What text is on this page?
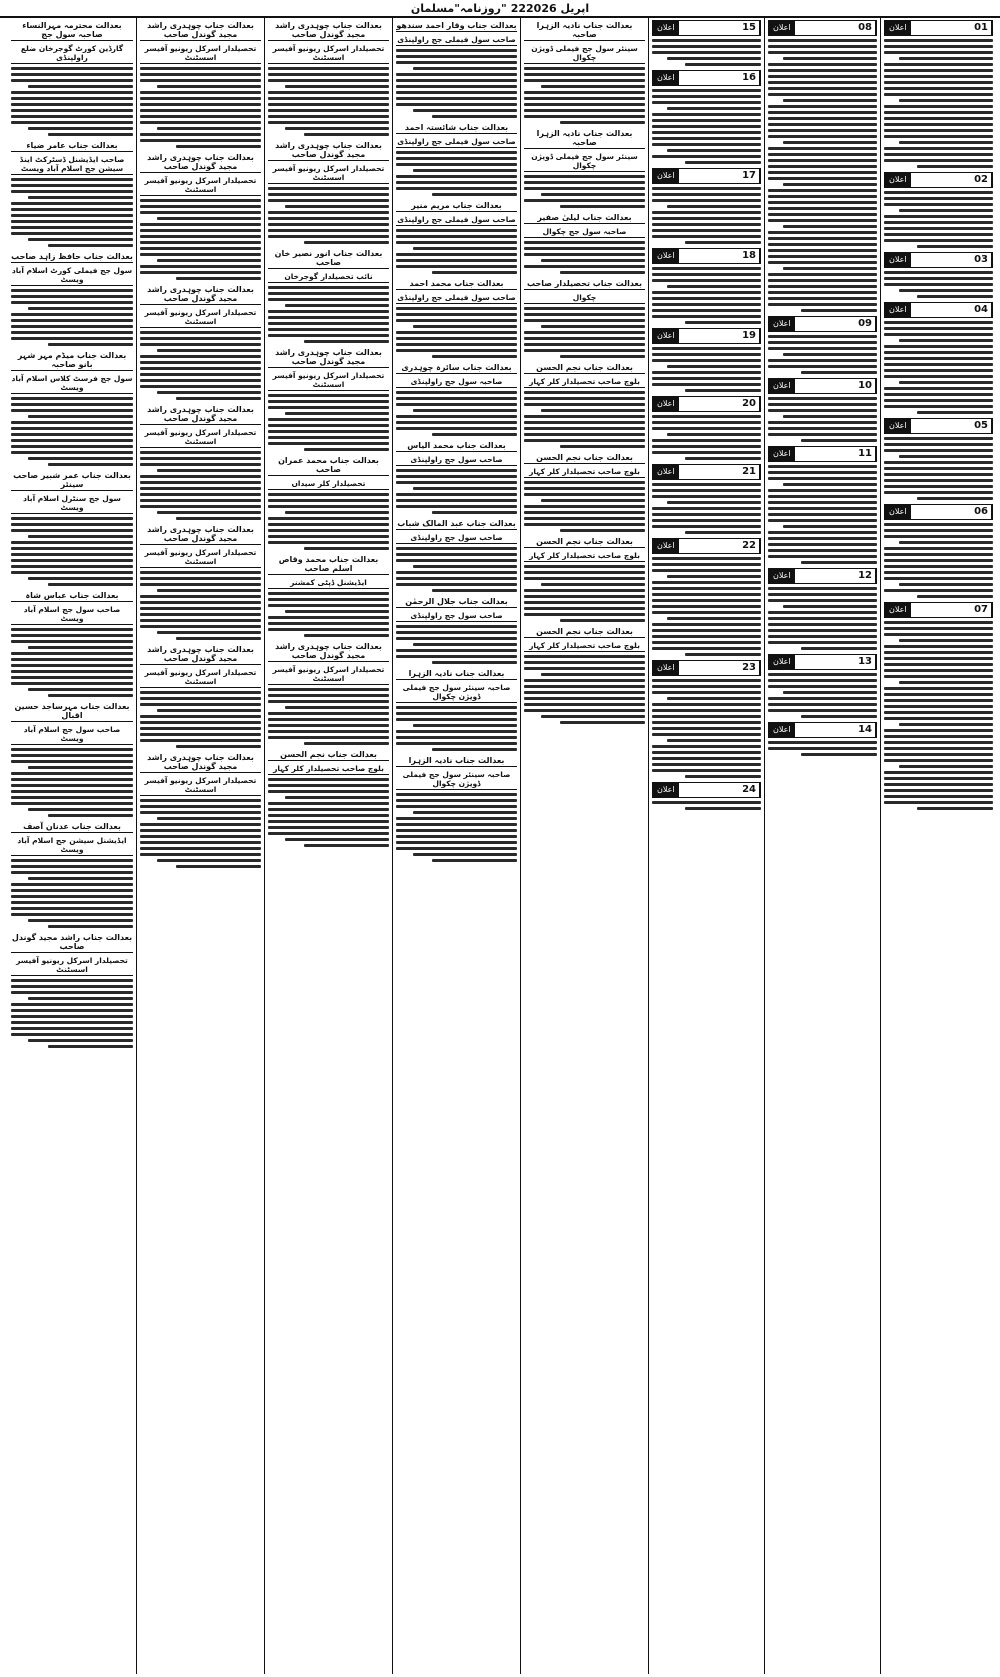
روزنامہ"مسلمان" 22اپریل 2026
01
اعلان
02
اعلان
03
اعلان
04
اعلان
05
اعلان
06
اعلان
07
اعلان
08
اعلان
09
اعلان
10
اعلان
11
اعلان
12
اعلان
13
اعلان
14
اعلان
15
اعلان
16
اعلان
17
اعلان
18
اعلان
19
اعلان
20
اعلان
21
اعلان
22
اعلان
23
اعلان
24
اعلان
بعدالت جناب نادیہ الزہرا صاحبہ
سینئر سول جج فیملی ڈویژن چکوال
بعدالت جناب نادیہ الزہرا صاحبہ
سینئر سول جج فیملی ڈویژن چکوال
بعدالت جناب لیلیٰ صفیر
صاحبہ سول جج چکوال
بعدالت جناب تحصیلدار صاحب
چکوال
بعدالت جناب نجم الحسن
بلوچ صاحب تحصیلدار کلر کہار
بعدالت جناب نجم الحسن
بلوچ صاحب تحصیلدار کلر کہار
بعدالت جناب نجم الحسن
بلوچ صاحب تحصیلدار کلر کہار
بعدالت جناب نجم الحسن
بلوچ صاحب تحصیلدار کلر کہار
بعدالت جناب وقار احمد سندھو
صاحب سول فیملی جج راولپنڈی
بعدالت جناب شائستہ احمد
صاحب سول فیملی جج راولپنڈی
بعدالت جناب مریم منیر
صاحب سول فیملی جج راولپنڈی
بعدالت جناب محمد احمد
صاحب سول فیملی جج راولپنڈی
بعدالت جناب سائرہ چوہدری
صاحبہ سول جج راولپنڈی
بعدالت جناب محمد الیاس
صاحب سول جج راولپنڈی
بعدالت جناب عبد المالک شباب
صاحب سول جج راولپنڈی
بعدالت جناب جلال الرحمٰن
صاحب سول جج راولپنڈی
بعدالت جناب نادیہ الزہرا
صاحبہ سینئر سول جج فیملی ڈویژن چکوال
بعدالت جناب نادیہ الزہرا
صاحبہ سینئر سول جج فیملی ڈویژن چکوال
بعدالت جناب چوہدری راشد مجید گوندل صاحب
تحصیلدار اسرکل ریونیو آفیسر اسسٹنٹ
بعدالت جناب چوہدری راشد مجید گوندل صاحب
تحصیلدار اسرکل ریونیو آفیسر اسسٹنٹ
بعدالت جناب انور نصیر خان صاحب
نائب تحصیلدار گوجرخان
بعدالت جناب چوہدری راشد مجید گوندل صاحب
تحصیلدار اسرکل ریونیو آفیسر اسسٹنٹ
بعدالت جناب محمد عمران صاحب
تحصیلدار کلر سیداں
بعدالت جناب محمد وقاص اسلم صاحب
ایڈیشنل ڈپٹی کمشنر
بعدالت جناب چوہدری راشد مجید گوندل صاحب
تحصیلدار اسرکل ریونیو آفیسر اسسٹنٹ
بعدالت جناب نجم الحسن
بلوچ صاحب تحصیلدار کلر کہار
بعدالت جناب چوہدری راشد مجید گوندل صاحب
تحصیلدار اسرکل ریونیو آفیسر اسسٹنٹ
بعدالت جناب چوہدری راشد مجید گوندل صاحب
تحصیلدار اسرکل ریونیو آفیسر اسسٹنٹ
بعدالت جناب چوہدری راشد مجید گوندل صاحب
تحصیلدار اسرکل ریونیو آفیسر اسسٹنٹ
بعدالت جناب چوہدری راشد مجید گوندل صاحب
تحصیلدار اسرکل ریونیو آفیسر اسسٹنٹ
بعدالت جناب چوہدری راشد مجید گوندل صاحب
تحصیلدار اسرکل ریونیو آفیسر اسسٹنٹ
بعدالت جناب چوہدری راشد مجید گوندل صاحب
تحصیلدار اسرکل ریونیو آفیسر اسسٹنٹ
بعدالت جناب چوہدری راشد مجید گوندل صاحب
تحصیلدار اسرکل ریونیو آفیسر اسسٹنٹ
بعدالت محترمہ مہرالنساء صاحبہ سول جج
گارڈین کورٹ گوجرخان ضلع راولپنڈی
بعدالت جناب عامر ضیاء
صاحب ایڈیشنل ڈسٹرکٹ اینڈ سیشن جج اسلام آباد ویسٹ
بعدالت جناب حافظ زاہد صاحب
سول جج فیملی کورٹ اسلام آباد ویسٹ
بعدالت جناب میڈم مہر شہر بانو صاحبہ
سول جج فرسٹ کلاس اسلام آباد ویسٹ
بعدالت جناب عمر شبیر صاحب سینئر
سول جج سنٹرل اسلام آباد ویسٹ
بعدالت جناب عباس شاہ
صاحب سول جج اسلام آباد ویسٹ
بعدالت جناب مہرساجد حسین اقبال
صاحب سول جج اسلام آباد ویسٹ
بعدالت جناب عدنان آصف
ایڈیشنل سیشن جج اسلام آباد ویسٹ
بعدالت جناب راشد مجید گوندل صاحب
تحصیلدار اسرکل ریونیو آفیسر اسسٹنٹ
